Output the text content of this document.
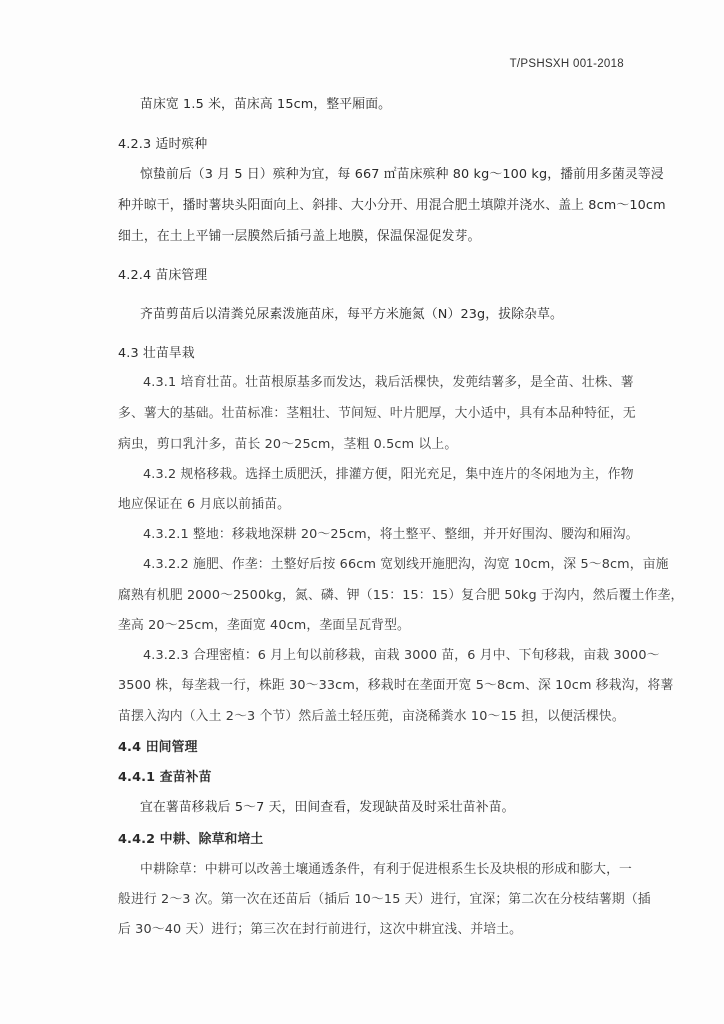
T/PSHSXH 001-2018
苗床宽 1.5 米，苗床高 15cm，整平厢面。
4.2.3 适时殡种
惊蛰前后（3 月 5 日）殡种为宜，每 667 ㎡苗床殡种 80 kg～100 kg，播前用多菌灵等浸
种并晾干，播时薯块头阳面向上、斜排、大小分开、用混合肥土填隙并浇水、盖上 8cm～10cm
细土，在土上平铺一层膜然后插弓盖上地膜，保温保湿促发芽。
4.2.4 苗床管理
齐苗剪苗后以清粪兑尿素泼施苗床，每平方米施氮（N）23g，拔除杂草。
4.3 壮苗旱栽
4.3.1 培育壮苗。壮苗根原基多而发达，栽后活棵快，发蔸结薯多，是全苗、壮株、薯
多、薯大的基础。壮苗标准：茎粗壮、节间短、叶片肥厚，大小适中，具有本品种特征，无
病虫，剪口乳汁多，苗长 20～25cm，茎粗 0.5cm 以上。
4.3.2 规格移栽。选择土质肥沃，排灌方便，阳光充足，集中连片的冬闲地为主，作物
地应保证在 6 月底以前插苗。
4.3.2.1 整地：移栽地深耕 20～25cm，将土整平、整细，并开好围沟、腰沟和厢沟。
4.3.2.2 施肥、作垄：土整好后按 66cm 宽划线开施肥沟，沟宽 10cm，深 5～8cm，亩施
腐熟有机肥 2000～2500kg，氮、磷、钾（15：15：15）复合肥 50kg 于沟内，然后覆土作垄，
垄高 20～25cm，垄面宽 40cm，垄面呈瓦背型。
4.3.2.3 合理密植：6 月上旬以前移栽，亩栽 3000 苗，6 月中、下旬移栽，亩栽 3000～
3500 株，每垄栽一行，株距 30～33cm，移栽时在垄面开宽 5～8cm、深 10cm 移栽沟，将薯
苗摆入沟内（入土 2～3 个节）然后盖土轻压蔸，亩浇稀粪水 10～15 担，以便活棵快。
4.4 田间管理
4.4.1 查苗补苗
宜在薯苗移栽后 5～7 天，田间查看，发现缺苗及时采壮苗补苗。
4.4.2 中耕、除草和培土
中耕除草：中耕可以改善土壤通透条件，有利于促进根系生长及块根的形成和膨大，一
般进行 2～3 次。第一次在还苗后（插后 10～15 天）进行，宜深；第二次在分枝结薯期（插
后 30～40 天）进行；第三次在封行前进行，这次中耕宜浅、并培土。
